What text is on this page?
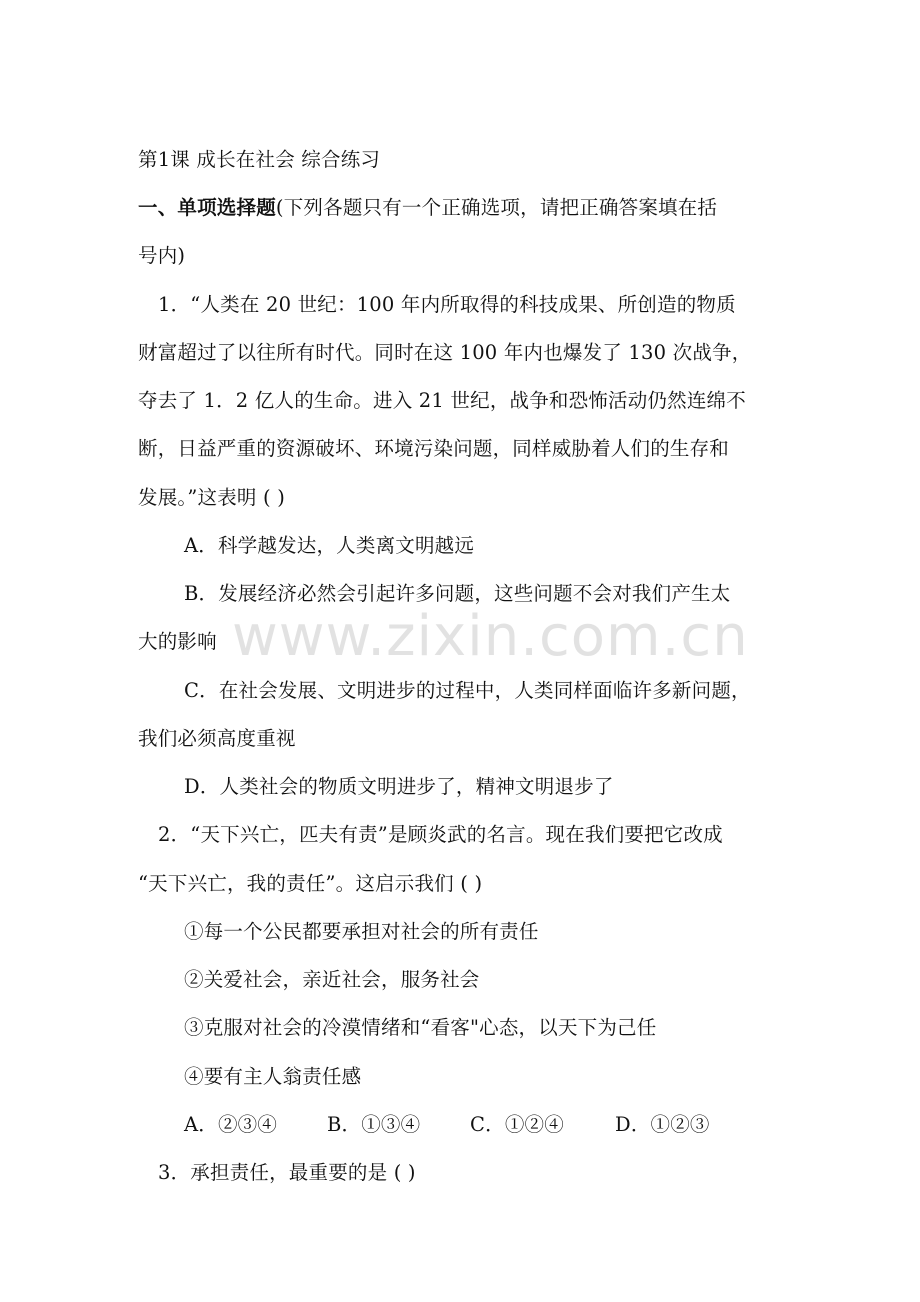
第1课 成长在社会 综合练习
一、单项选择题(下列各题只有一个正确选项，请把正确答案填在括
号内)
1．“人类在 20 世纪：100 年内所取得的科技成果、所创造的物质
财富超过了以往所有时代。同时在这 100 年内也爆发了 130 次战争，
夺去了 1．2 亿人的生命。进入 21 世纪，战争和恐怖活动仍然连绵不
断，日益严重的资源破坏、环境污染问题，同样威胁着人们的生存和
发展。”这表明 ( )
A．科学越发达，人类离文明越远
B．发展经济必然会引起许多问题，这些问题不会对我们产生太
大的影响
C．在社会发展、文明进步的过程中，人类同样面临许多新问题，
我们必须高度重视
D．人类社会的物质文明进步了，精神文明退步了
2．“天下兴亡，匹夫有责”是顾炎武的名言。现在我们要把它改成
“天下兴亡，我的责任”。这启示我们 ( )
①每一个公民都要承担对社会的所有责任
②关爱社会，亲近社会，服务社会
③克服对社会的冷漠情绪和“看客"心态，以天下为己任
④要有主人翁责任感
A．②③④	B．①③④	C．①②④	D．①②③
3．承担责任，最重要的是 ( )
www.zixin.com.cn
